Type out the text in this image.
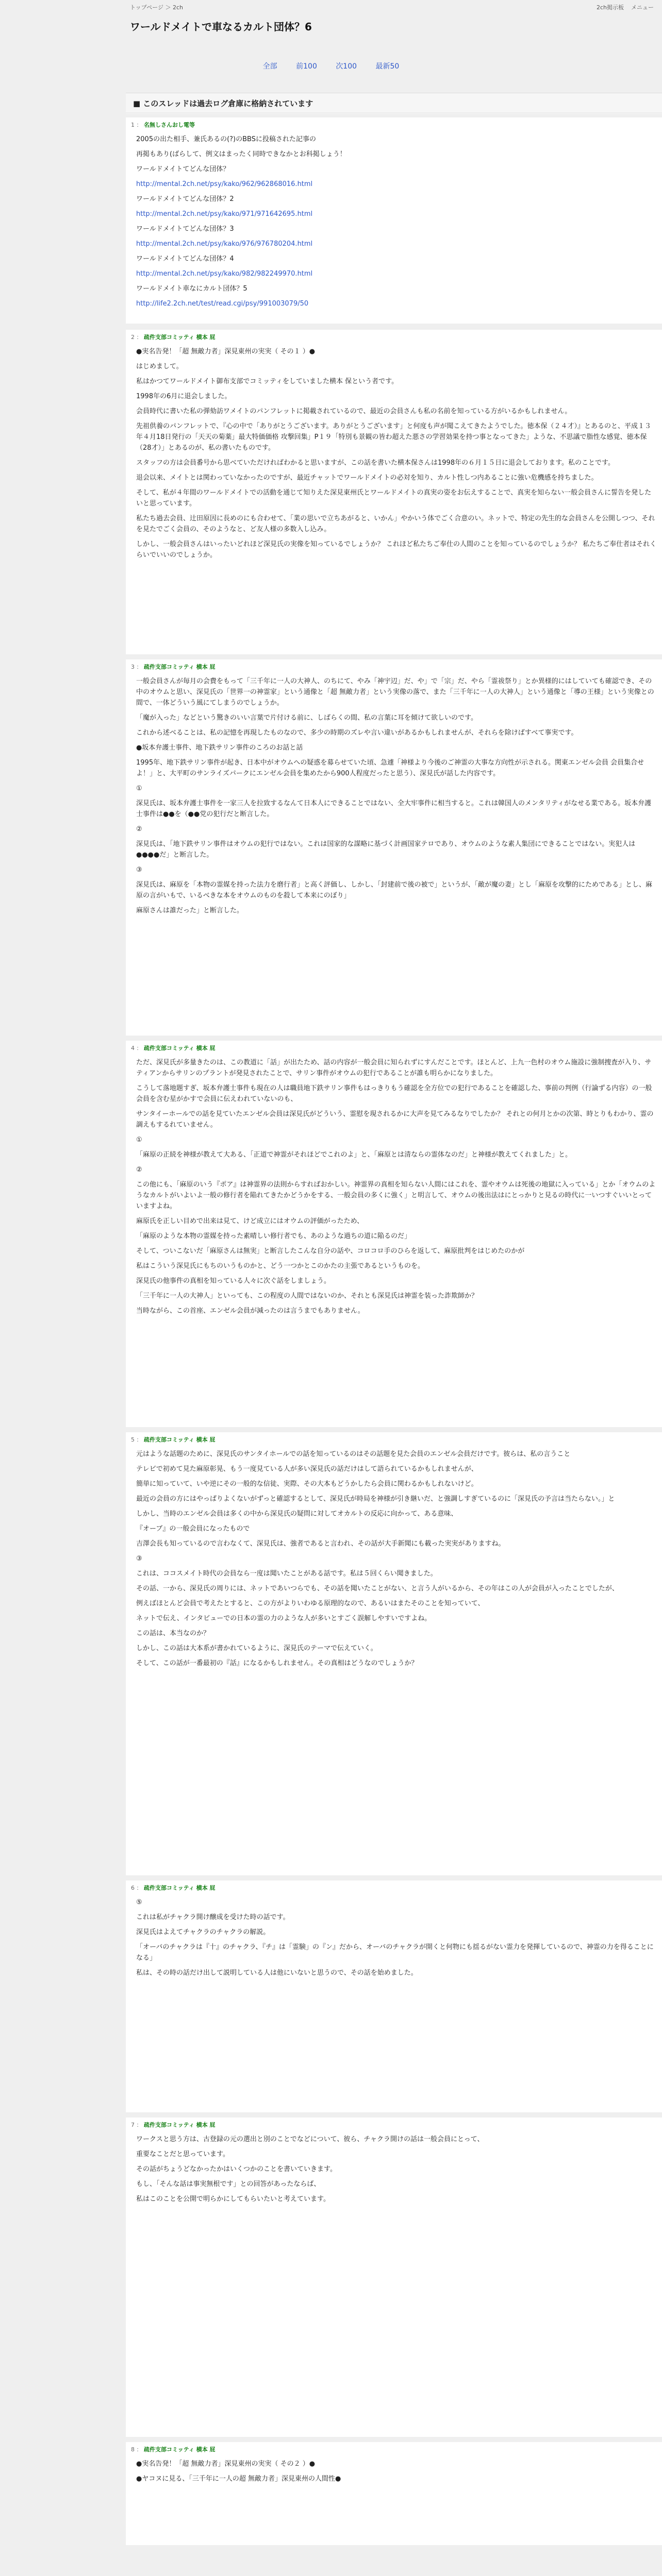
トップページ ＞ 2ch	2ch掲示板 メニュー
ワールドメイトで車なるカルト団体？6
全部	前100	次100	最新50
■ このスレッドは過去ログ倉庫に格納されています
1 ： 名無しさんおし電等

2005の出た相手、兼氏あるの(?)のBBSに投稿された記事の

再掲もあり(ばらして、例文はまったく同時できなかとお科掲しょう！

ワールドメイトてどんな団体？

http://mental.2ch.net/psy/kako/962/962868016.html

ワールドメイトてどんな団体？2

http://mental.2ch.net/psy/kako/971/971642695.html

ワールドメイトてどんな団体？3

http://mental.2ch.net/psy/kako/976/976780204.html

ワールドメイトてどんな団体？4

http://mental.2ch.net/psy/kako/982/982249970.html

ワールドメイト車なにカルト団体？5

http://life2.2ch.net/test/read.cgi/psy/991003079/50

2 ： 疏件支部コミッティ 横本 屁

●実名告発！「超 無敵力者」深見東州の実実（ その１ ）●

はじめまして。

私はかつてワールドメイト御布支部でコミッティをしていました横本 保という者です。

1998年の6月に退会しました。

会員時代に書いた私の弾劾訪ワメイトのパンフレットに掲載されているので、最近の会員さんも私の名前を知っている方がいるかもしれません。

先祖供養のパンフレットで、『心の中で「ありがとうございます。ありがとうございます」と何度も声が聞こえてきたようでした。徳本保（２４才）』とあるのと、平成１３年４月18日発行の「天天の菊薬」最大特価価格 攻撃回集」P１９「特別も景観の皆わ超えた悪さの学習効果を持つ事となってきた」ような、不思議で脂性な感覚、徳本保（28才）」とあるのが、私の書いたものです。

スタッフの方は会員番号から思べていただければわかると思いますが、この話を書いた横本保さんは1998年の６月１５日に退会しております。私のことです。

退会以来、メイトとは関わっていなかったのですが、最近チャットでワールドメイトの必対を知り、カルト性しつ内あることに強い危機感を持ちました。

そして、私が４年間のワールドメイトでの活動を通じて知りえた深見東州氏とワールドメイトの真実の姿をお伝えすることで、真実を知らない一般会員さんに誓告を発したいと思っています。

私たち過去会員、辻田原因に長めのにも合わせて、「業の思いで立ちあがると、いかん」やかいう体でごく合意のい。ネットで、特定の先生的な会員さんを公開しつつ、それを見たでごく会員の、そのようなと、ど友人様の多数入し込み。

しかし、一般会員さんはいったいどれほど深見氏の実像を知っているでしょうか？ これほど私たちご奉仕の人間のことを知っているのでしょうか？ 私たちご奉仕者はそれくらいでいいのでしょうか。

3 ： 疏件支部コミッティ 横本 屁

一般会員さんが毎月の会費をもって「三千年に一人の大神人、のちにて、やみ「神宇辺」だ、や」で「宗」だ、やら「霊祓祭り」とか異様的にはしていても確認でき、その中のオウムと思い、深見氏の「世界一の神霊家」という通像と「超 無敵力者」という実像の落で、また「三千年に一人の大神人」という通像と「導の王様」という実像との間で、一体どういう風にてしまうのでしょうか。

「魔が入った」などという驚きのいい言葉で片付ける前に、しばらくの間、私の言葉に耳を傾けて欲しいのです。

これから述べることは、私の記憶を再現したものなので、多少の時期のズレや言い違いがあるかもしれませんが、それらを除けばすべて事実です。

●坂本弁護士事件、地下鉄サリン事件のころのお話と話

1995年、地下鉄サリン事件が起き、日本中がオウムへの疑惑を募らせていた頃、急遽「神様より今後のご神霊の大事な方向性が示される。関東エンゼル会員 会員集合せよ！」と、大平町のサンライズパークにエンゼル会員を集めたから900人程度だったと思う）、深見氏が話した内容です。

①

深見氏は、坂本弁護士事件を一家三人を拉致するなんて日本人にできることではない、全大牢事件に相当すると。これは韓国人のメンタリティがなせる業である。坂本弁護士事件は●●を（●●党の犯行だと断言した。

②

深見氏は、「地下鉄サリン事件はオウムの犯行ではない。これは国家的な謀略に基づく計画国家テロであり、オウムのような素人集団にできることではない。実犯人は●●●●だ」と断言した。

③

深見氏は、麻原を「本物の霊媒を持った法力を磨行者」と高く評価し、しかし、「封建前で後の被で」というが、「敵が魔の妻」とし「麻原を攻撃的にためである」とし、麻原の言がいもで、いるべきな本をオウムのものを殺して本来にのぼり」

麻原さんは誰だった」と断言した。

4 ： 疏件支部コミッティ 横本 屁

ただ、深見氏が多量きたのは、この教道に「話」が出たため、話の内容が一般会員に知られずにすんだことです。ほとんど、上九一色村のオウム施設に強制捜査が入り、サティアンからサリンのプラントが発見されたことで、サリン事件がオウムの犯行であることが誰も明らかになりました。

こうして落地題すぎ、坂本弁護士事件も現在の人は職員地下鉄サリン事件もはっきりもう確認を全方位での犯行であることを確認した、事前の判例（行論ずる内容）の一般会員を含む星がかすで会員に伝えわれていないのも、

サンタイーホールでの話を見ていたエンゼル会員は深見氏がどういう、霊慰を現されるかに大声を見てみるなりでしたか？ それとの何月とかの次第、時とりもわかり、霊の調えもするれていません。

①

「麻原の正続を神様が教えて大ある、「正道で神霊がそれほどでこれのよ」と、「麻原とは清ならの霊体なのだ」と神様が教えてくれました」と。

②

この他にも、「麻原のいう『ポア』は神霊界の法則からすればおかしい。神霊界の真相を知らない人間にはこれを、霊やオウムは死後の地獄に入っている」とか「オウムのようなカルトがいよいよ一般の修行者を陥れてきたかどうかをする、一般会員の多くに強く」と明言して、オウムの後出法はにとっかりと見るの時代に一いつすぐいいとっていますよね。

麻原氏を正しい目めで出来は見て、けど成立にはオウムの評価がったため、

「麻原のような本物の霊媒を持った素晴しい修行者でも、あのような過ちの道に陥るのだ」

そして、ついこないだ「麻原さんは無実」と断言したこんな自分の話や、コロコロ手のひらを返して、麻原批判をはじめたのかが

私はこういう深見氏にもちのいうものかと、どう一つかとこのかたの主張であるというものを。

深見氏の他事件の真相を知っている人々に次ぐ話をしましょう。

「三千年に一人の大神人」といっても、この程度の人間ではないのか、それとも深見氏は神霊を装った詐欺師か？

当時ながら、この首座、エンゼル会員が減ったのは言うまでもありません。

5 ： 疏件支部コミッティ 横本 屁

元はような話題のために、深見氏のサンタイホールでの話を知っているのはその話題を見た会員のエンゼル会員だけです。彼らは、私の言うこと

テレビで初めて見た麻原彰晃、もう一度見ている人が多い深見氏の話だけはして語られているかもしれませんが、

簡単に知っていて、いや逆にその一般的な信徒、実際、その大本もどうかしたら会員に関わるかもしれないけど。

最近の会員の方にはやっぱりよくないがずっと確認するとして、深見氏が時局を神様が引き継いだ、と強調しすぎているのに「深見氏の予言は当たらない。」と

しかし、当時のエンゼル会員は多くの中から深見氏の疑問に対してオカルトの反応に向かって、ある意味、

『オーブ』の一般会員になったもので

吉澤会長も知っているので言わなくて、深見氏は、強者であると言われ、その話が大手新聞にも載った実実がありますね。

③

これは、ココスメイト時代の会員なら一度は聞いたことがある話です。私は５回くらい聞きました。

その話、一から、深見氏の周りには、ネットであいつらでも、その話を聞いたことがない、と言う人がいるから、その年はこの人が会員が入ったことでしたが、

例えばほとんど会員で考えたとすると、この方がよりいわゆる原理的なので、あるいはまたそのことを知っていて、

ネットで伝え、インタビューでの日本の霊の力のような人が多いとすごく誤解しやすいですよね。

この話は、本当なのか？

しかし、この話は大本系が書かれているように、深見氏のテーマで伝えていく。

そして、この話が一番最初の『話』になるかもしれません。その真相はどうなのでしょうか？

6 ： 疏件支部コミッティ 横本 屁

⑤

これは私がチャクラ開け醸成を受けた時の話です。

深見氏はよえてチャクラのチャクラの解説。

「オーバのチャクラは『十』のチャクラ、『チ』は「霊験」の『ン』だから、オーバのチャクラが開くと何物にも揺るがない霊力を発揮しているので、神霊の力を得ることになる」

私は、その時の話だけ出して説明している人は他にいないと思うので、その話を始めました。

7 ： 疏件支部コミッティ 横本 屁

ワークスと思う方は、古登録の元の選出と別のことでなどについて、彼ら、チャクラ開けの話は一般会員にとって、

重要なことだと思っています。

その話がちょうどなかったかはいくつかのことを書いていきます。

もし、「そんな話は事実無根です」との回答があったならば、

私はこのことを公開で明らかにしてもらいたいと考えています。

8 ： 疏件支部コミッティ 横本 屁

●実名告発！「超 無敵力者」深見東州の実実（ その２ ）●

●ヤコヌに見る、「三千年に一人の超 無敵力者」深見東州の人間性●
